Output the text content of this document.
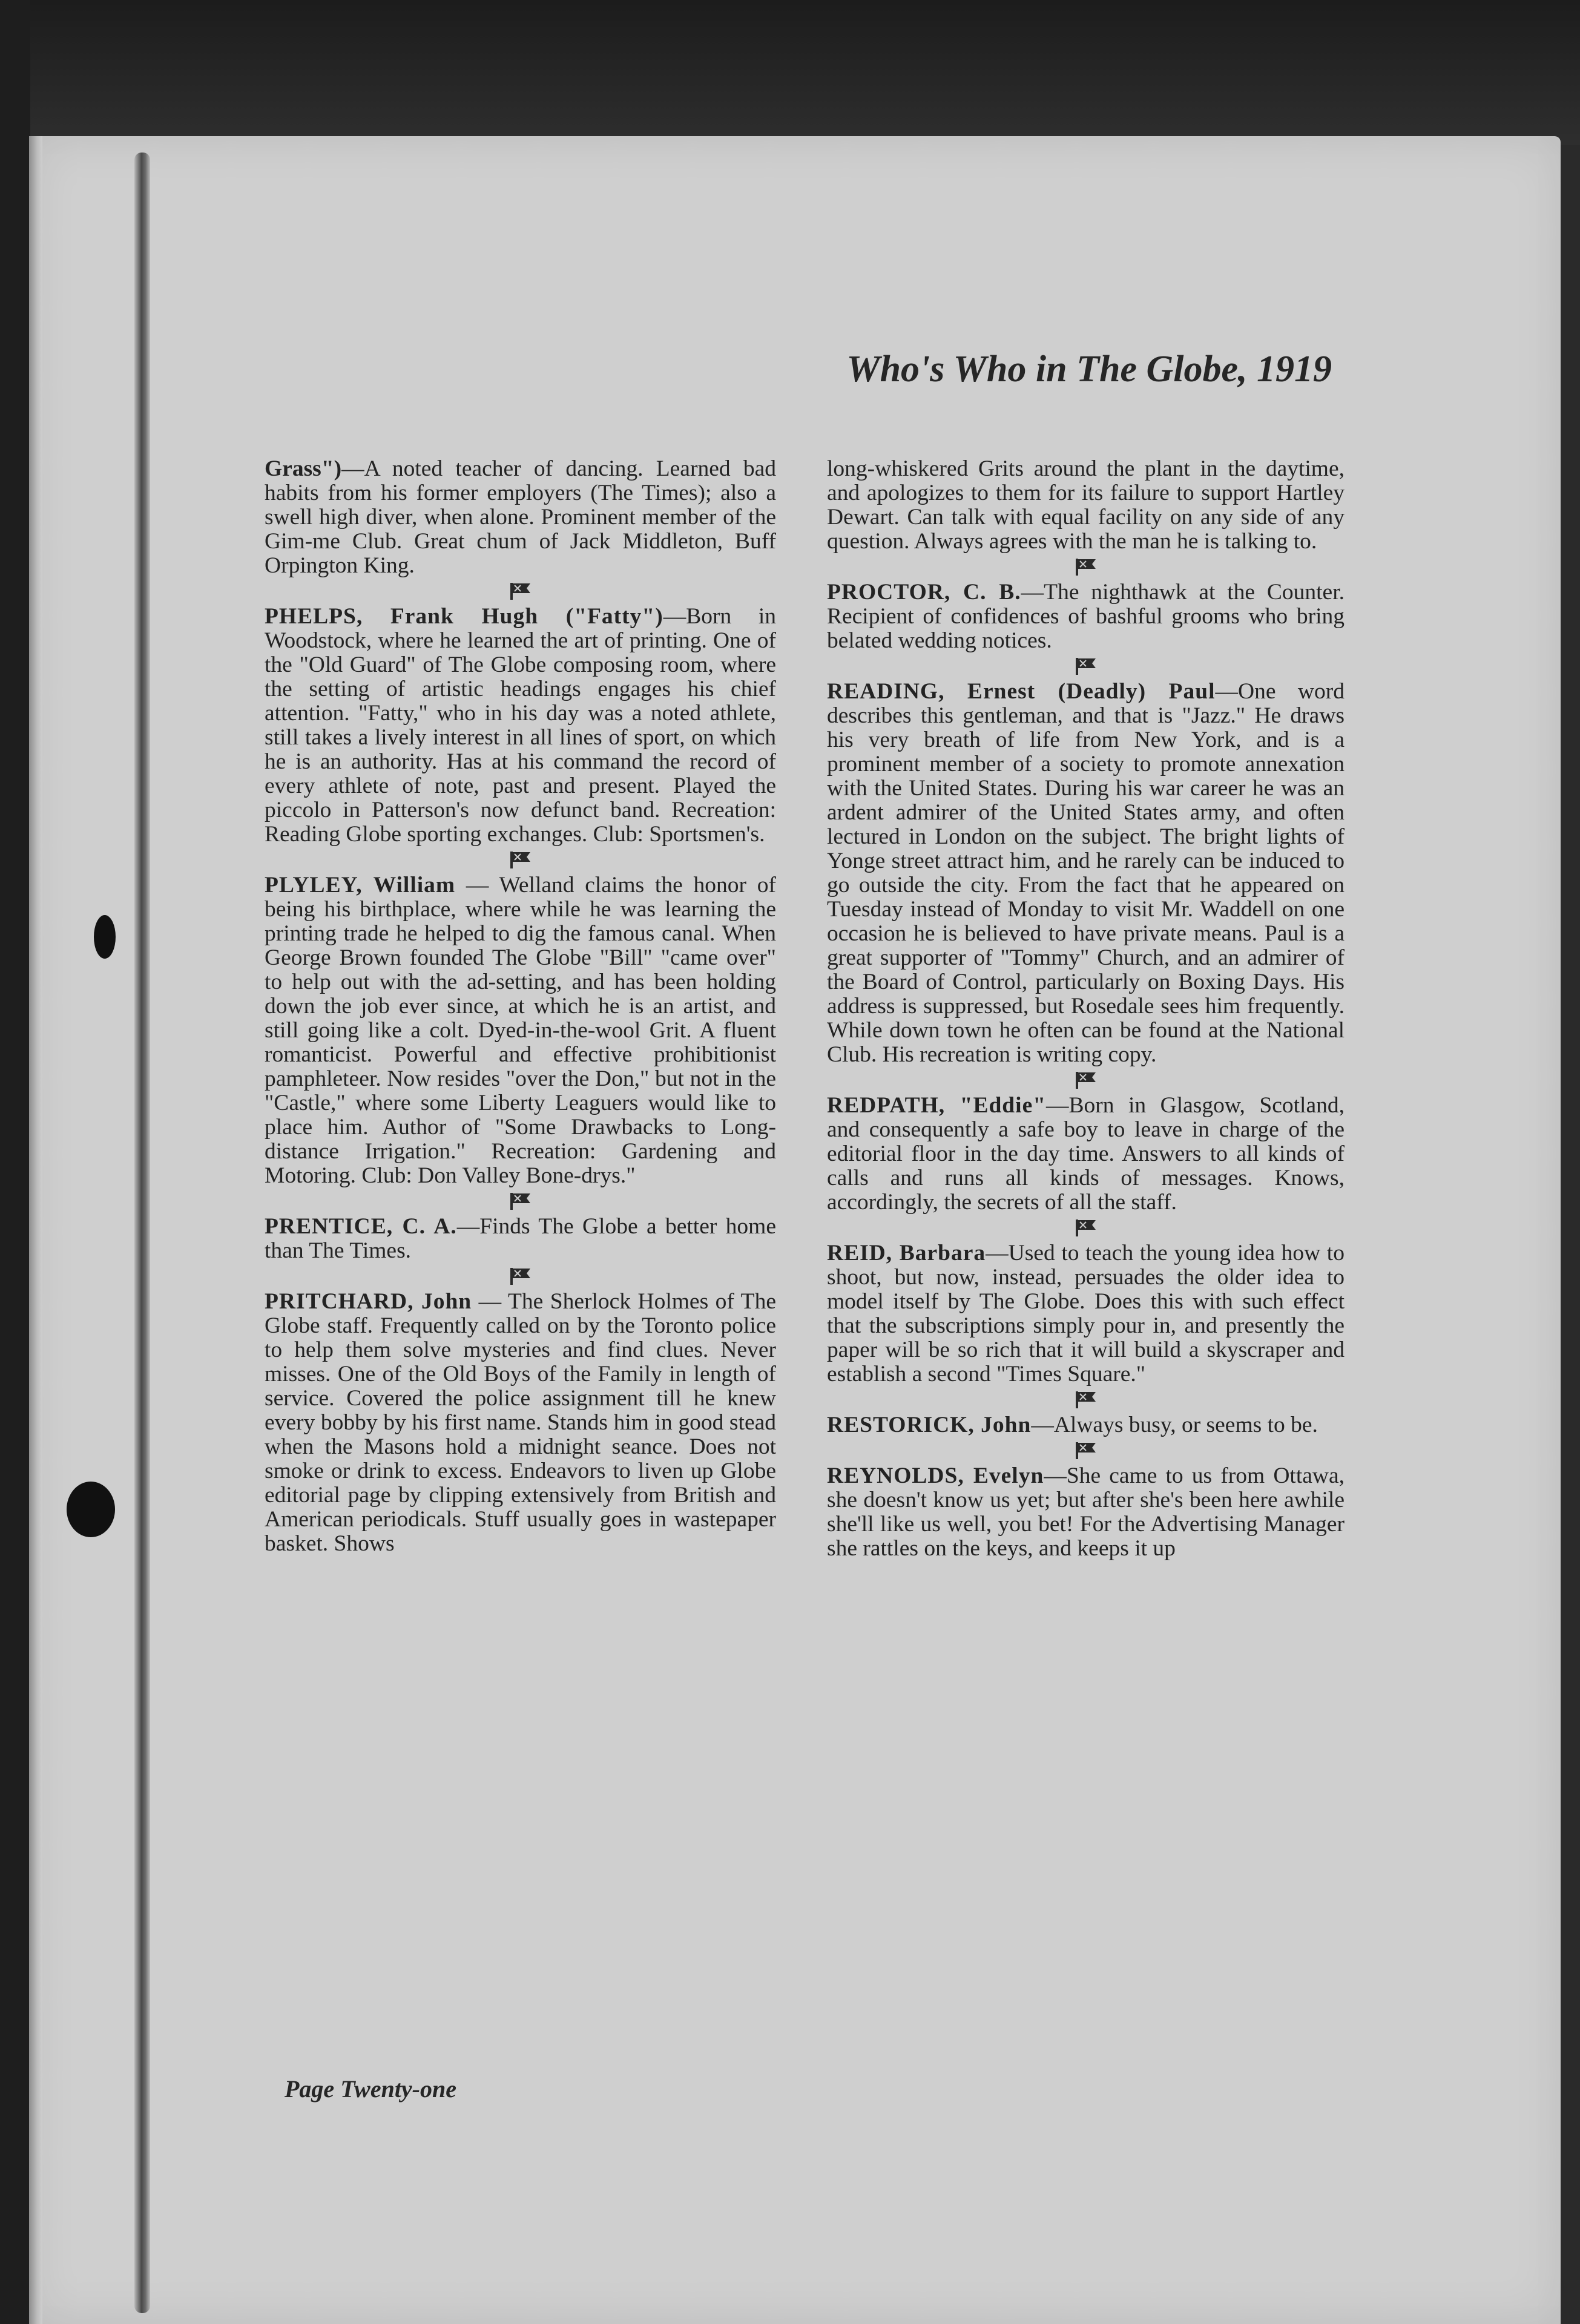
Who's Who in The Globe, 1919

Grass")—A noted teacher of dancing. Learned bad habits from his former employers (The Times); also a swell high diver, when alone. Prominent member of the Gim-me Club. Great chum of Jack Middleton, Buff Orpington King.

PHELPS, Frank Hugh ("Fatty")—Born in Woodstock, where he learned the art of printing. One of the "Old Guard" of The Globe composing room, where the setting of artistic headings engages his chief attention. "Fatty," who in his day was a noted athlete, still takes a lively interest in all lines of sport, on which he is an authority. Has at his command the record of every athlete of note, past and present. Played the piccolo in Patterson's now defunct band. Recreation: Reading Globe sporting exchanges. Club: Sportsmen's.

PLYLEY, William — Welland claims the honor of being his birthplace, where while he was learning the printing trade he helped to dig the famous canal. When George Brown founded The Globe "Bill" "came over" to help out with the ad-setting, and has been holding down the job ever since, at which he is an artist, and still going like a colt. Dyed-in-the-wool Grit. A fluent romanticist. Powerful and effective prohibitionist pamphleteer. Now resides "over the Don," but not in the "Castle," where some Liberty Leaguers would like to place him. Author of "Some Drawbacks to Long-distance Irrigation." Recreation: Gardening and Motoring. Club: Don Valley Bone-drys."

PRENTICE, C. A.—Finds The Globe a better home than The Times.

PRITCHARD, John — The Sherlock Holmes of The Globe staff. Frequently called on by the Toronto police to help them solve mysteries and find clues. Never misses. One of the Old Boys of the Family in length of service. Covered the police assignment till he knew every bobby by his first name. Stands him in good stead when the Masons hold a midnight seance. Does not smoke or drink to excess. Endeavors to liven up Globe editorial page by clipping extensively from British and American periodicals. Stuff usually goes in wastepaper basket. Shows

long-whiskered Grits around the plant in the daytime, and apologizes to them for its failure to support Hartley Dewart. Can talk with equal facility on any side of any question. Always agrees with the man he is talking to.

PROCTOR, C. B.—The nighthawk at the Counter. Recipient of confidences of bashful grooms who bring belated wedding notices.

READING, Ernest (Deadly) Paul—One word describes this gentleman, and that is "Jazz." He draws his very breath of life from New York, and is a prominent member of a society to promote annexation with the United States. During his war career he was an ardent admirer of the United States army, and often lectured in London on the subject. The bright lights of Yonge street attract him, and he rarely can be induced to go outside the city. From the fact that he appeared on Tuesday instead of Monday to visit Mr. Waddell on one occasion he is believed to have private means. Paul is a great supporter of "Tommy" Church, and an admirer of the Board of Control, particularly on Boxing Days. His address is suppressed, but Rosedale sees him frequently. While down town he often can be found at the National Club. His recreation is writing copy.

REDPATH, "Eddie"—Born in Glasgow, Scotland, and consequently a safe boy to leave in charge of the editorial floor in the day time. Answers to all kinds of calls and runs all kinds of messages. Knows, accordingly, the secrets of all the staff.

REID, Barbara—Used to teach the young idea how to shoot, but now, instead, persuades the older idea to model itself by The Globe. Does this with such effect that the subscriptions simply pour in, and presently the paper will be so rich that it will build a skyscraper and establish a second "Times Square."

RESTORICK, John—Always busy, or seems to be.

REYNOLDS, Evelyn—She came to us from Ottawa, she doesn't know us yet; but after she's been here awhile she'll like us well, you bet! For the Advertising Manager she rattles on the keys, and keeps it up

Page Twenty-one
